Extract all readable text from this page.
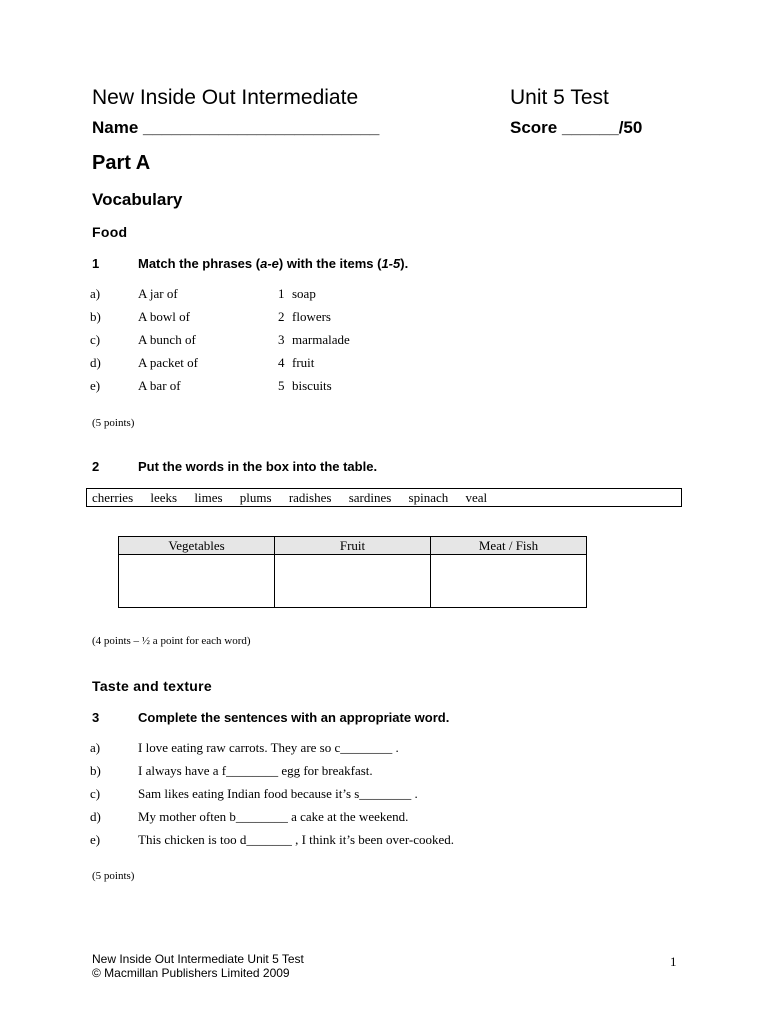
New Inside Out Intermediate	Unit 5 Test
Name _________________________	Score ______/50
Part A
Vocabulary
Food
1	Match the phrases (a-e) with the items (1-5).
a)	A jar of	1 soap
b)	A bowl of	2 flowers
c)	A bunch of	3 marmalade
d)	A packet of	4 fruit
e)	A bar of	5 biscuits
(5 points)
2	Put the words in the box into the table.
cherries leeks limes plums radishes sardines spinach veal
Vegetables	Fruit	Meat / Fish

(4 points – ½ a point for each word)
Taste and texture
3	Complete the sentences with an appropriate word.
a)	I love eating raw carrots. They are so c________ .
b)	I always have a f________ egg for breakfast.
c)	Sam likes eating Indian food because it’s s________ .
d)	My mother often b________ a cake at the weekend.
e)	This chicken is too d_______ , I think it’s been over-cooked.
(5 points)
New Inside Out Intermediate Unit 5 Test
© Macmillan Publishers Limited 2009
1
